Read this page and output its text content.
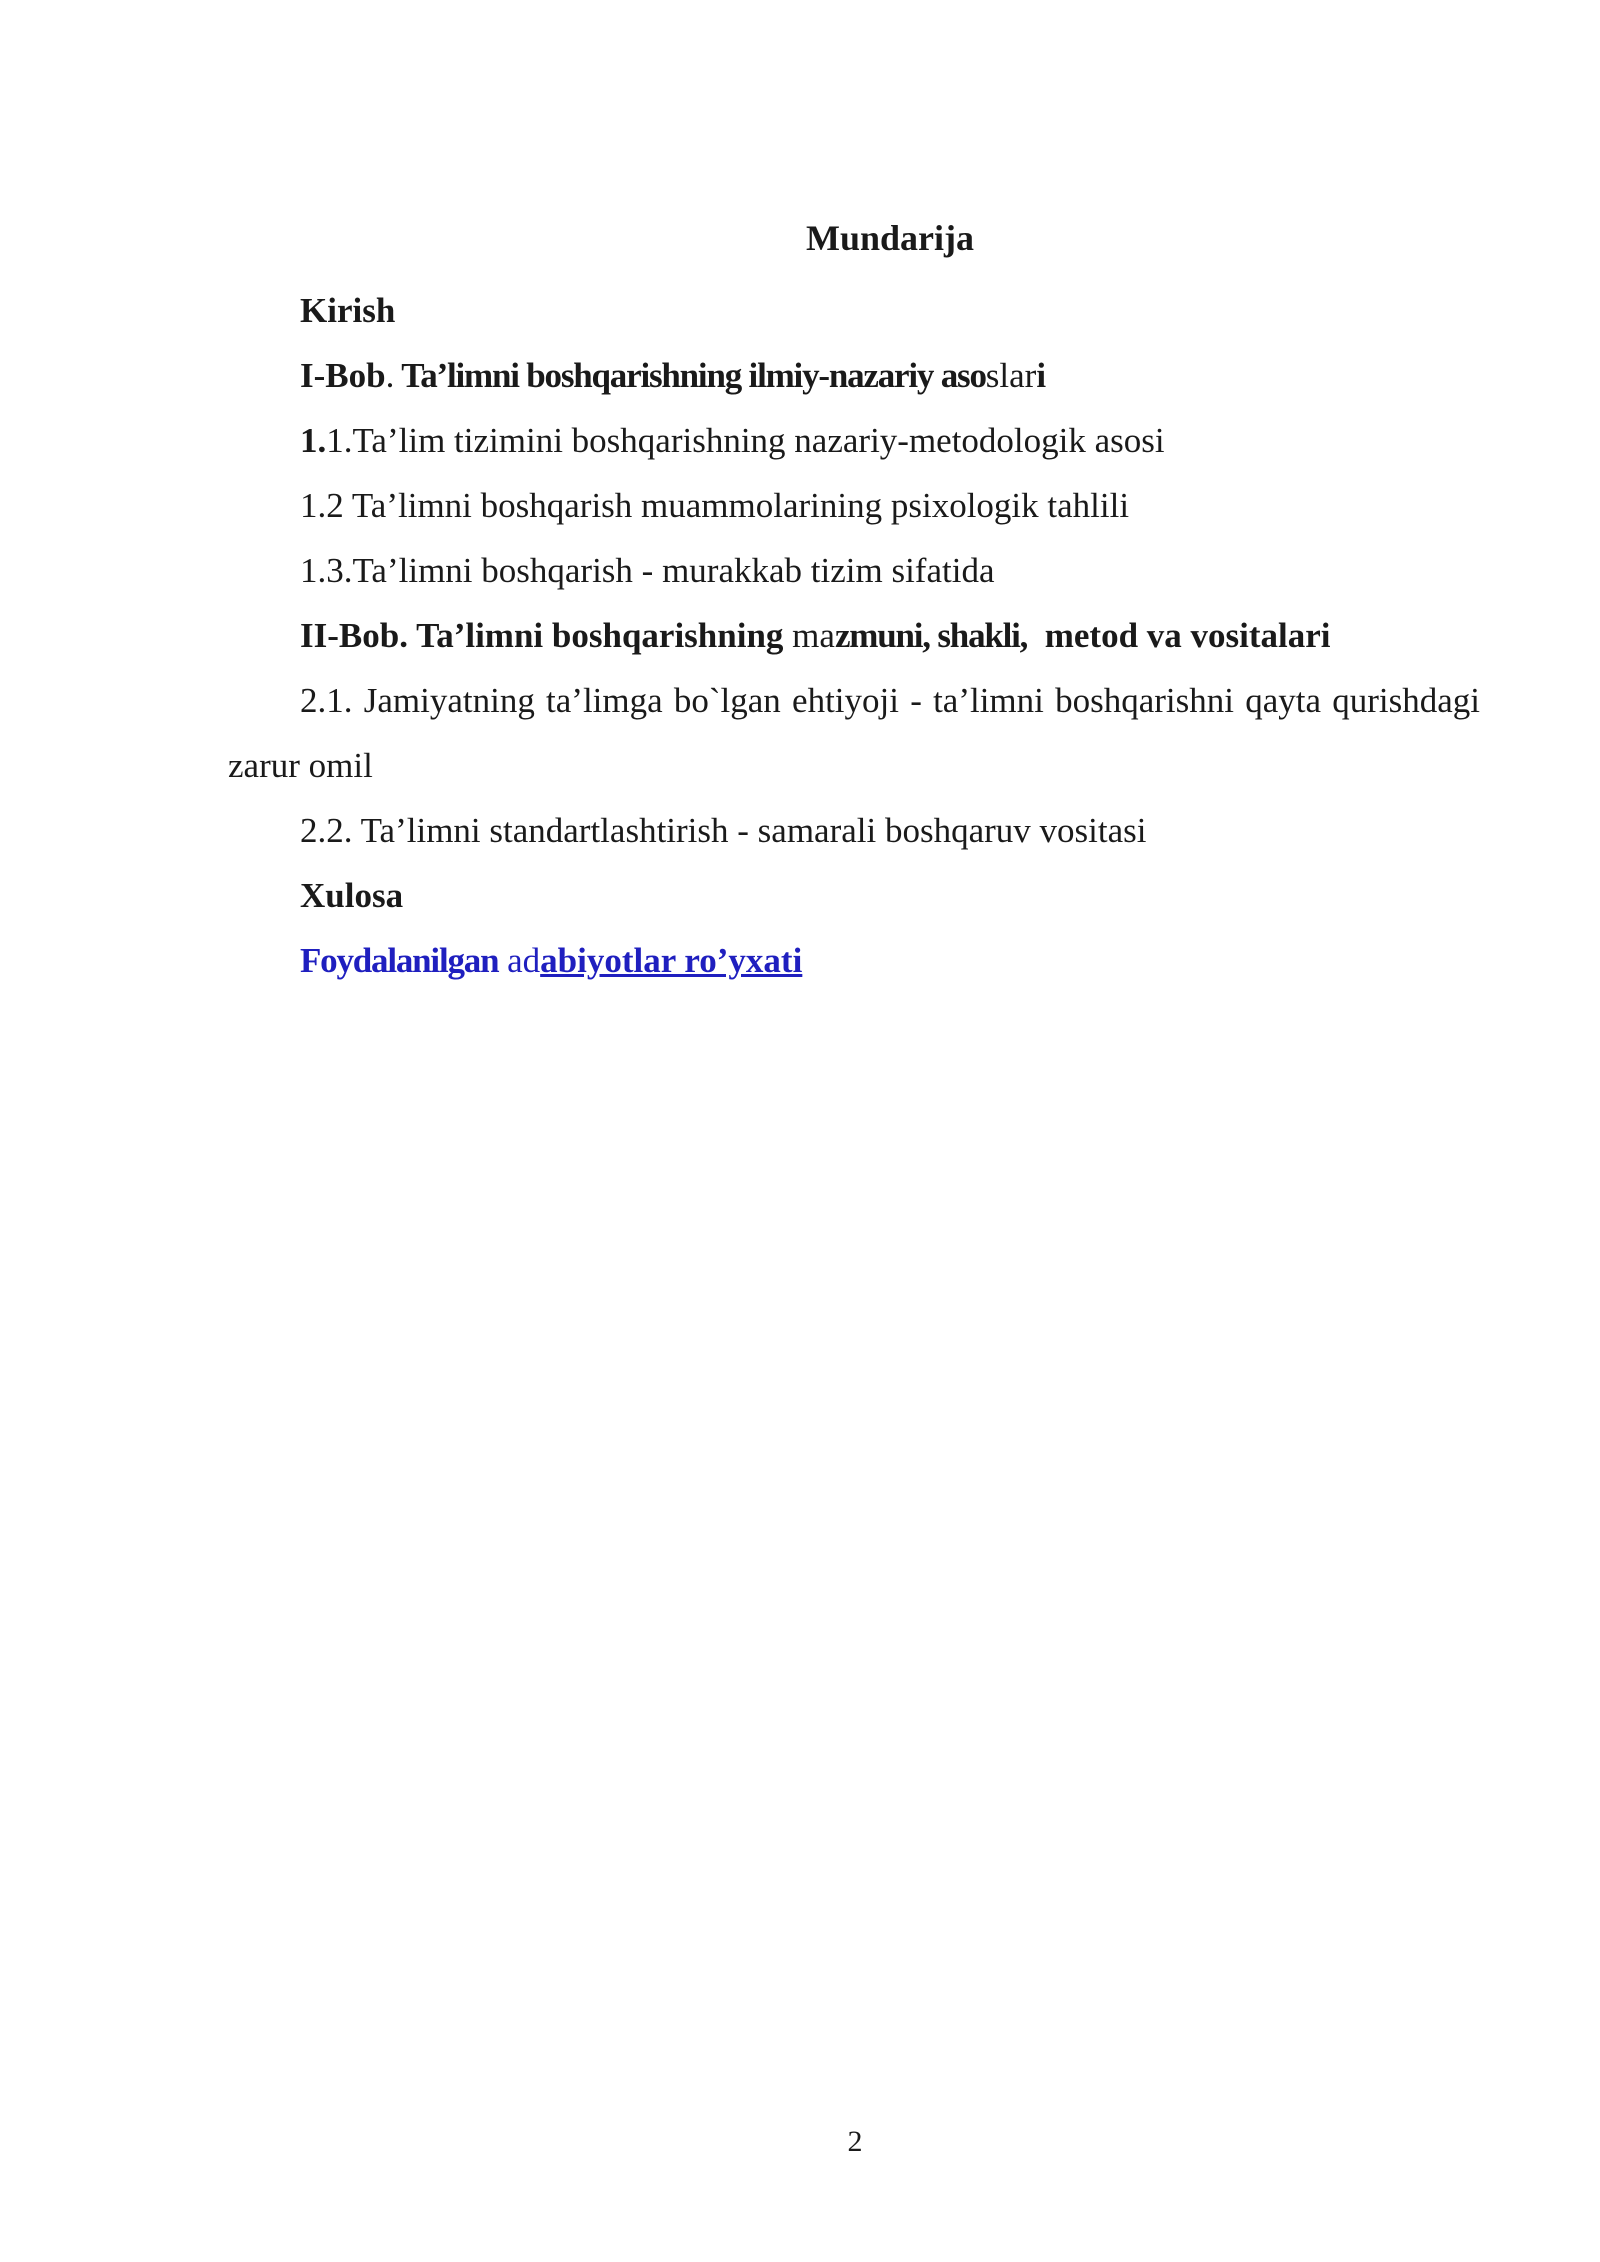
Mundarija

Kirish

I-Bob. Ta’limni boshqarishning ilmiy-nazariy asoslari

1.1.Ta’lim tizimini boshqarishning nazariy-metodologik asosi

1.2 Ta’limni boshqarish muammolarining psixologik tahlili

1.3.Ta’limni boshqarish - murakkab tizim sifatida

II-Bob. Ta’limni boshqarishning mazmuni, shakli,  metod va vositalari

2.1. Jamiyatning ta’limga bo`lgan ehtiyoji - ta’limni boshqarishni qayta qurishdagi zarur omil

2.2. Ta’limni standartlashtirish - samarali boshqaruv vositasi

Xulosa

Foydalanilgan adabiyotlar ro’yxati

2
